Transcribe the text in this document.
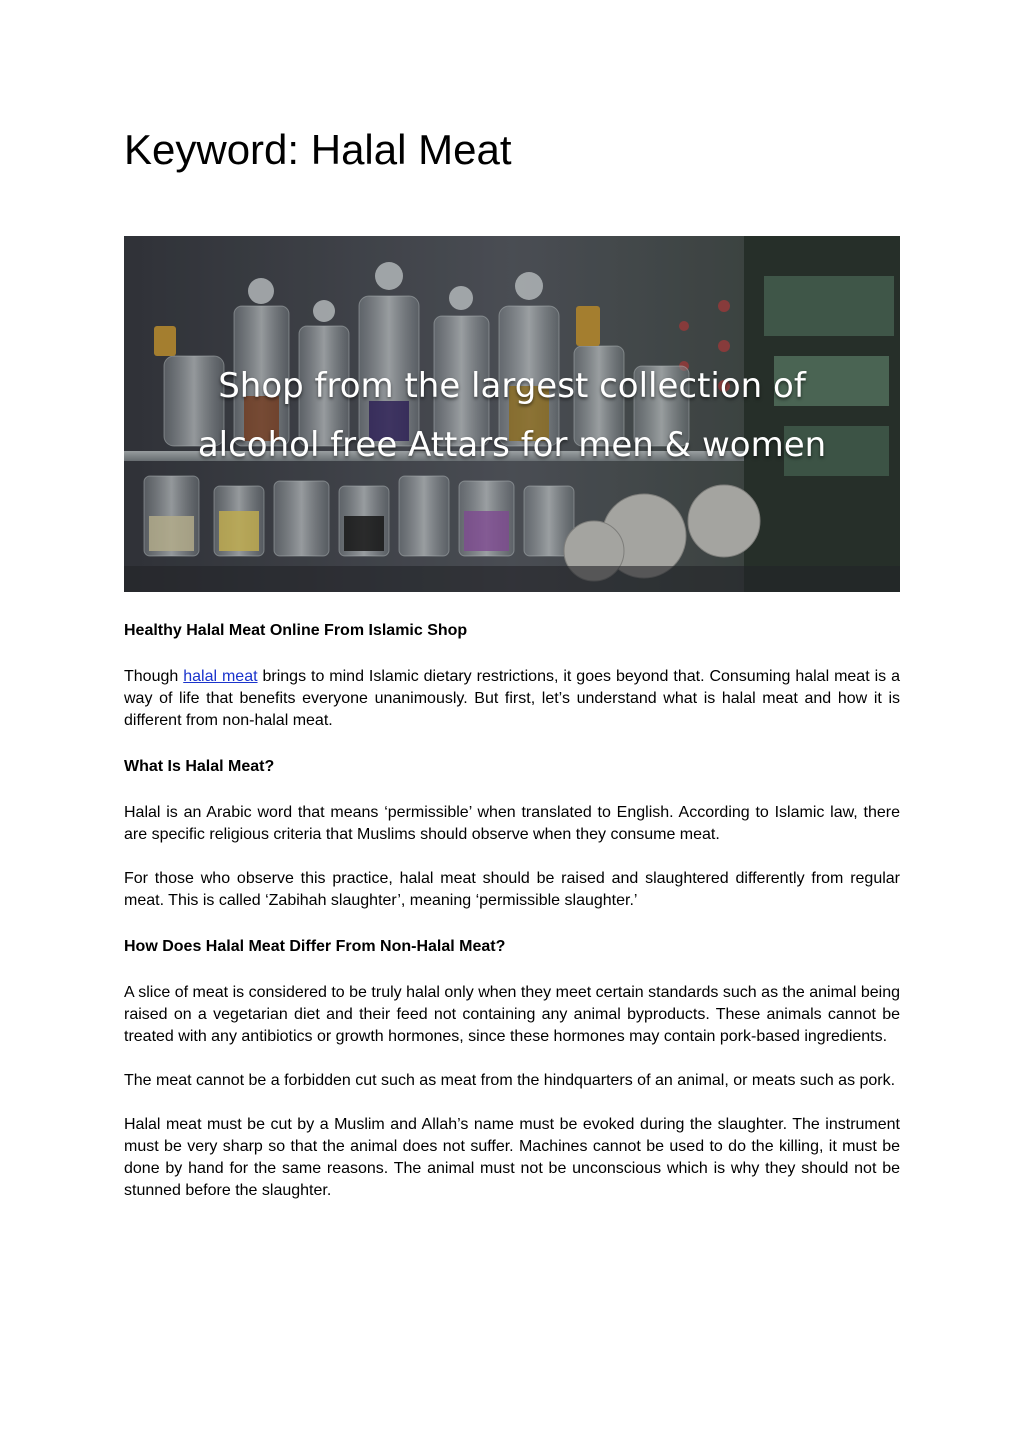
Keyword: Halal Meat
Shop from the largest collection of
alcohol free Attars for men & women
Healthy Halal Meat Online From Islamic Shop

Though halal meat brings to mind Islamic dietary restrictions, it goes beyond that. Consuming halal meat is a way of life that benefits everyone unanimously. But first, let’s understand what is halal meat and how it is different from non-halal meat.

What Is Halal Meat?

Halal is an Arabic word that means ‘permissible’ when translated to English. According to Islamic law, there are specific religious criteria that Muslims should observe when they consume meat.

For those who observe this practice, halal meat should be raised and slaughtered differently from regular meat. This is called ‘Zabihah slaughter’, meaning ‘permissible slaughter.’

How Does Halal Meat Differ From Non-Halal Meat?

A slice of meat is considered to be truly halal only when they meet certain standards such as the animal being raised on a vegetarian diet and their feed not containing any animal byproducts. These animals cannot be treated with any antibiotics or growth hormones, since these hormones may contain pork-based ingredients.

The meat cannot be a forbidden cut such as meat from the hindquarters of an animal, or meats such as pork.

Halal meat must be cut by a Muslim and Allah’s name must be evoked during the slaughter. The instrument must be very sharp so that the animal does not suffer. Machines cannot be used to do the killing, it must be done by hand for the same reasons. The animal must not be unconscious which is why they should not be stunned before the slaughter.
